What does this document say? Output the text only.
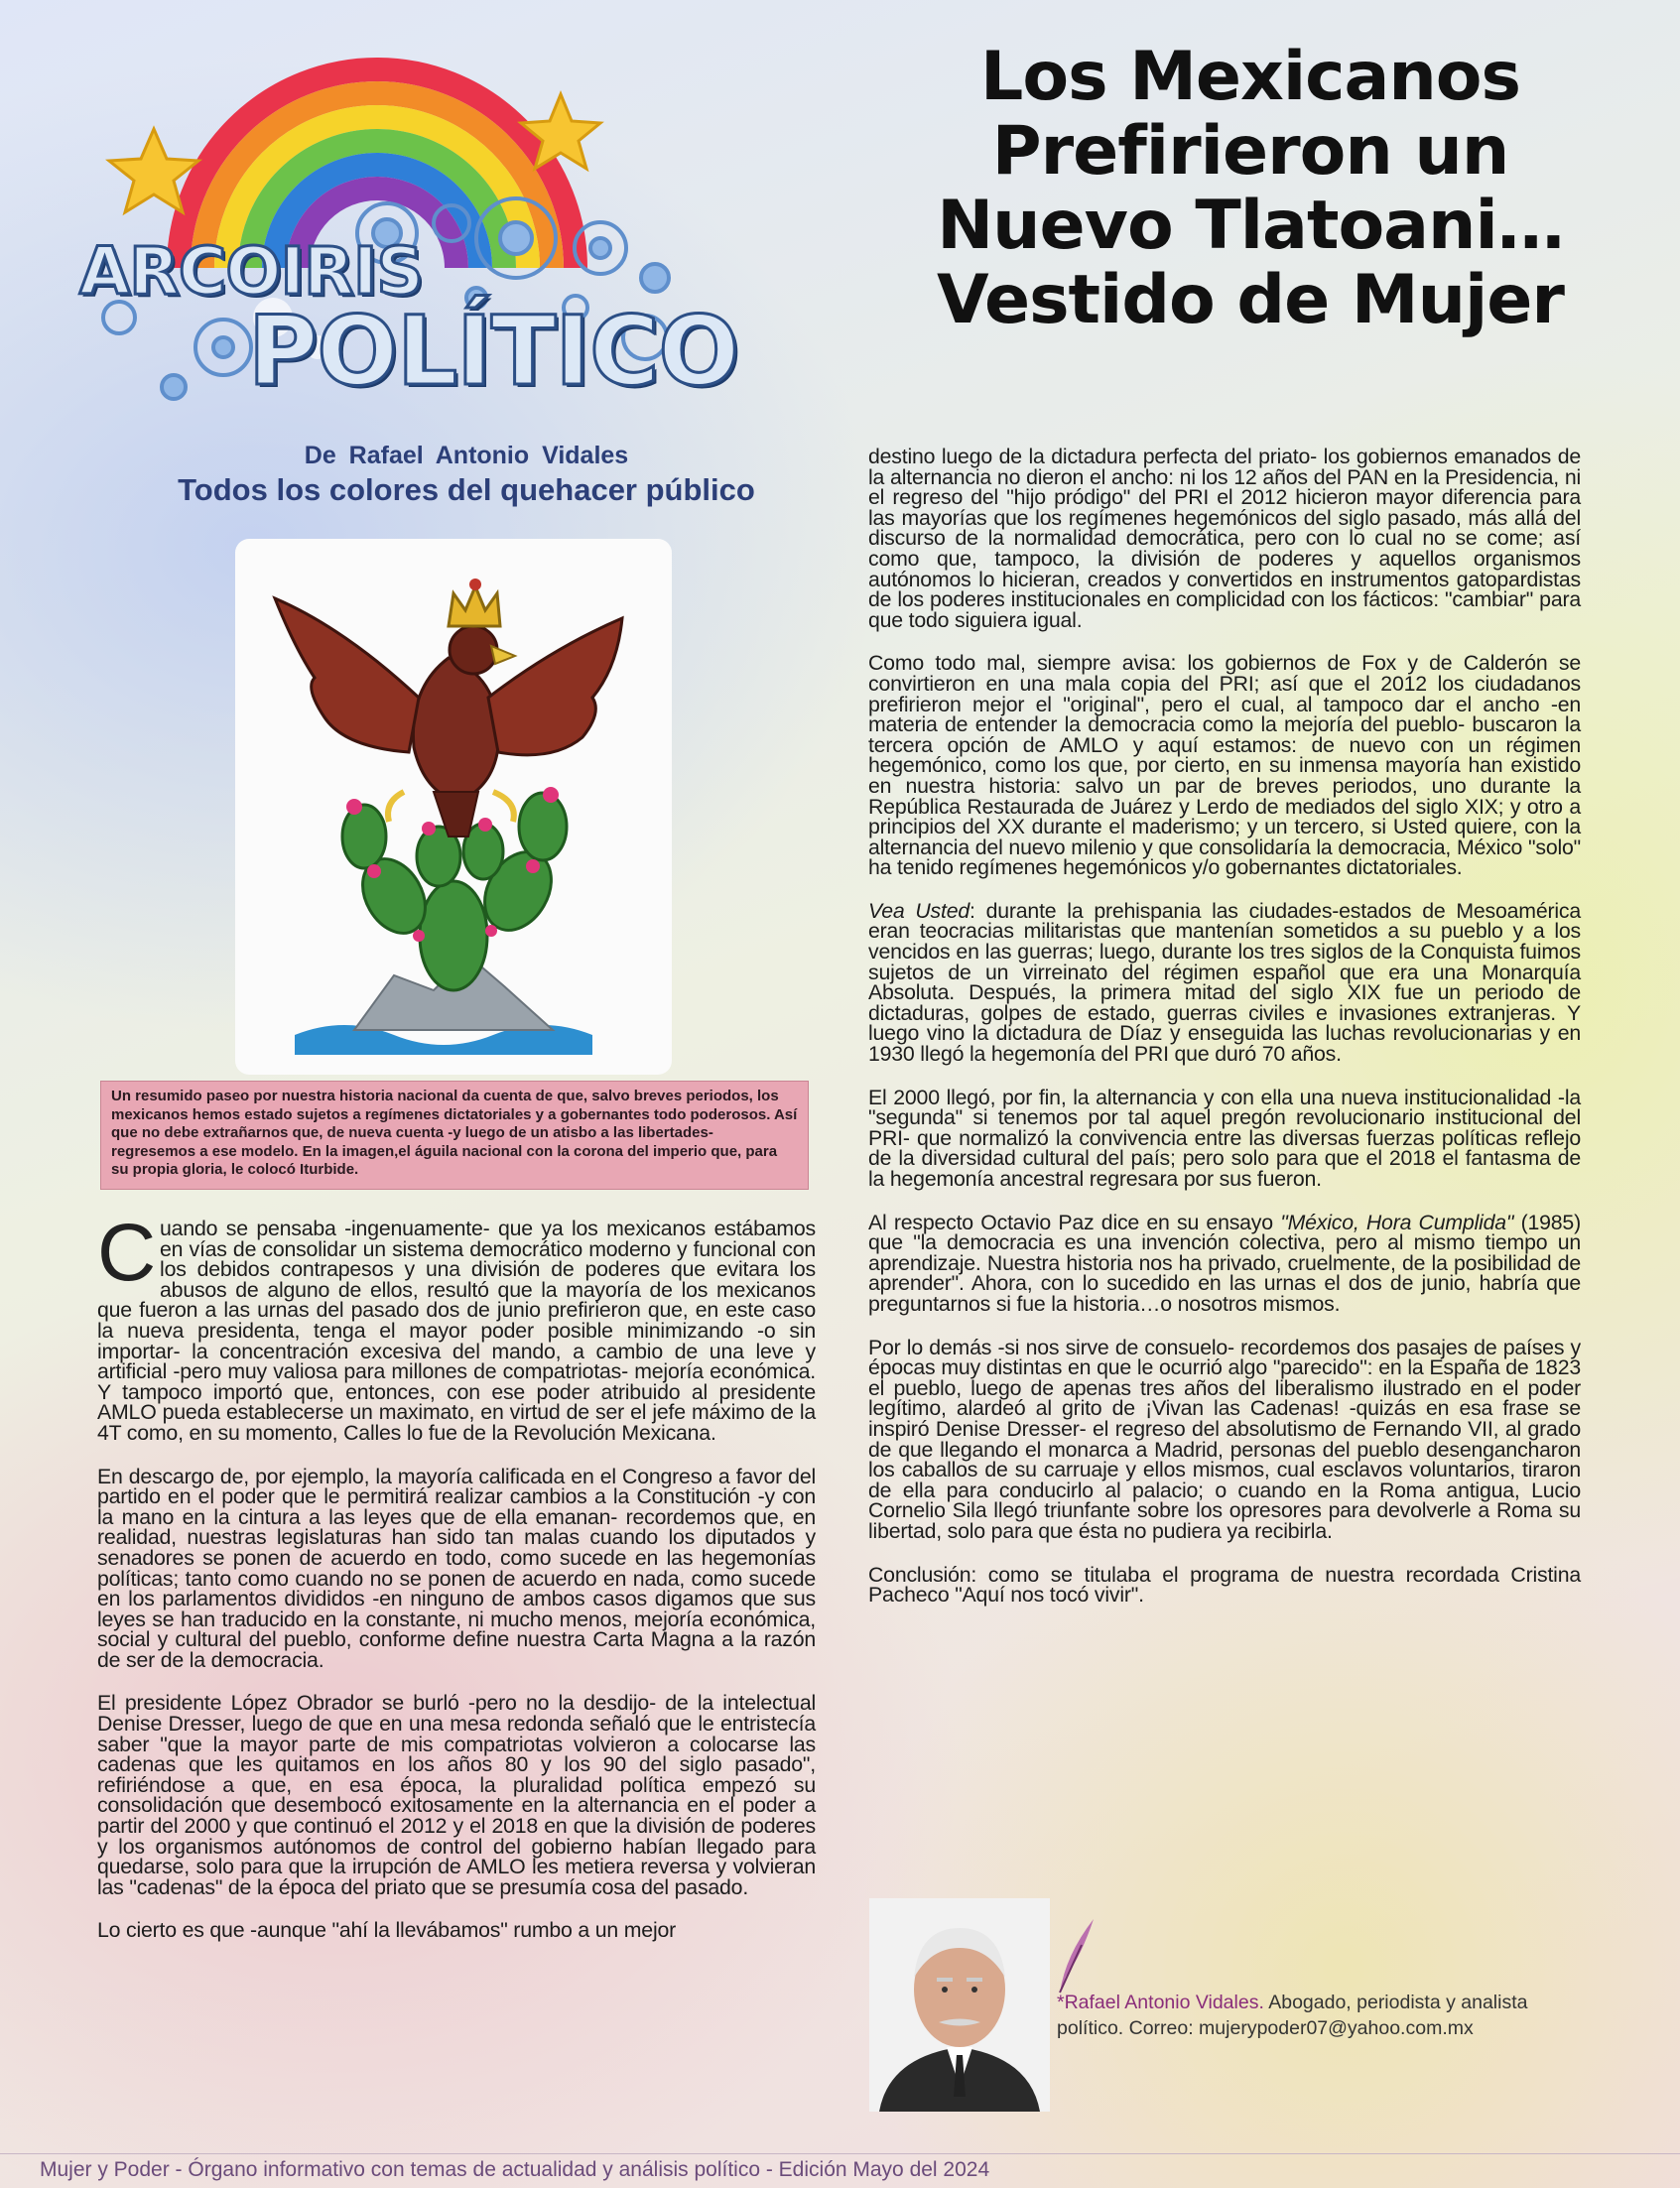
ARCOIRIS
POLÍTICO
Los Mexicanos
Prefirieron un
Nuevo Tlatoani…
Vestido de Mujer
De Rafael Antonio Vidales
Todos los colores del quehacer público

Un resumido paseo por nuestra historia nacional da cuenta de que, salvo breves periodos, los mexicanos hemos estado sujetos a regímenes dictatoriales y a gobernantes todo poderosos. Así que no debe extrañarnos que, de nueva cuenta -y luego de un atisbo a las libertades- regresemos a ese modelo. En la imagen,el águila nacional con la corona del imperio que, para su propia gloria, le colocó Iturbide.

Cuando se pensaba -ingenuamente- que ya los mexicanos estábamos en vías de consolidar un sistema democrático moderno y funcional con los debidos contrapesos y una división de poderes que evitara los abusos de alguno de ellos, resultó que la mayoría de los mexicanos que fueron a las urnas del pasado dos de junio prefirieron que, en este caso la nueva presidenta, tenga el mayor poder posible minimizando -o sin importar- la concentración excesiva del mando, a cambio de una leve y artificial -pero muy valiosa para millones de compatriotas- mejoría económica. Y tampoco importó que, entonces, con ese poder atribuido al presidente AMLO pueda establecerse un maximato, en virtud de ser el jefe máximo de la 4T como, en su momento, Calles lo fue de la Revolución Mexicana.

En descargo de, por ejemplo, la mayoría calificada en el Congreso a favor del partido en el poder que le permitirá realizar cambios a la Constitución -y con la mano en la cintura a las leyes que de ella emanan- recordemos que, en realidad, nuestras legislaturas han sido tan malas cuando los diputados y senadores se ponen de acuerdo en todo, como sucede en las hegemonías políticas; tanto como cuando no se ponen de acuerdo en nada, como sucede en los parlamentos divididos -en ninguno de ambos casos digamos que sus leyes se han traducido en la constante, ni mucho menos, mejoría económica, social y cultural del pueblo, conforme define nuestra Carta Magna a la razón de ser de la democracia.

El presidente López Obrador se burló -pero no la desdijo- de la intelectual Denise Dresser, luego de que en una mesa redonda señaló que le entristecía saber "que la mayor parte de mis compatriotas volvieron a colocarse las cadenas que les quitamos en los años 80 y los 90 del siglo pasado", refiriéndose a que, en esa época, la pluralidad política empezó su consolidación que desembocó exitosamente en la alternancia en el poder a partir del 2000 y que continuó el 2012 y el 2018 en que la división de poderes y los organismos autónomos de control del gobierno habían llegado para quedarse, solo para que la irrupción de AMLO les metiera reversa y volvieran las "cadenas" de la época del priato que se presumía cosa del pasado.

Lo cierto es que -aunque "ahí la llevábamos" rumbo a un mejor

destino luego de la dictadura perfecta del priato- los gobiernos emanados de la alternancia no dieron el ancho: ni los 12 años del PAN en la Presidencia, ni el regreso del "hijo pródigo" del PRI el 2012 hicieron mayor diferencia para las mayorías que los regímenes hegemónicos del siglo pasado, más allá del discurso de la normalidad democrática, pero con lo cual no se come; así como que, tampoco, la división de poderes y aquellos organismos autónomos lo hicieran, creados y convertidos en instrumentos gatopardistas de los poderes institucionales en complicidad con los fácticos: "cambiar" para que todo siguiera igual.

Como todo mal, siempre avisa: los gobiernos de Fox y de Calderón se convirtieron en una mala copia del PRI; así que el 2012 los ciudadanos prefirieron mejor el "original", pero el cual, al tampoco dar el ancho -en materia de entender la democracia como la mejoría del pueblo- buscaron la tercera opción de AMLO y aquí estamos: de nuevo con un régimen hegemónico, como los que, por cierto, en su inmensa mayoría han existido en nuestra historia: salvo un par de breves periodos, uno durante la República Restaurada de Juárez y Lerdo de mediados del siglo XIX; y otro a principios del XX durante el maderismo; y un tercero, si Usted quiere, con la alternancia del nuevo milenio y que consolidaría la democracia, México "solo" ha tenido regímenes hegemónicos y/o gobernantes dictatoriales.

Vea Usted: durante la prehispania las ciudades-estados de Mesoamérica eran teocracias militaristas que mantenían sometidos a su pueblo y a los vencidos en las guerras; luego, durante los tres siglos de la Conquista fuimos sujetos de un virreinato del régimen español que era una Monarquía Absoluta. Después, la primera mitad del siglo XIX fue un periodo de dictaduras, golpes de estado, guerras civiles e invasiones extranjeras. Y luego vino la dictadura de Díaz y enseguida las luchas revolucionarias y en 1930 llegó la hegemonía del PRI que duró 70 años.

El 2000 llegó, por fin, la alternancia y con ella una nueva institucionalidad -la "segunda" si tenemos por tal aquel pregón revolucionario institucional del PRI- que normalizó la convivencia entre las diversas fuerzas políticas reflejo de la diversidad cultural del país; pero solo para que el 2018 el fantasma de la hegemonía ancestral regresara por sus fueron.

Al respecto Octavio Paz dice en su ensayo "México, Hora Cumplida" (1985) que "la democracia es una invención colectiva, pero al mismo tiempo un aprendizaje. Nuestra historia nos ha privado, cruelmente, de la posibilidad de aprender". Ahora, con lo sucedido en las urnas el dos de junio, habría que preguntarnos si fue la historia…o nosotros mismos.

Por lo demás -si nos sirve de consuelo- recordemos dos pasajes de países y épocas muy distintas en que le ocurrió algo "parecido": en la España de 1823 el pueblo, luego de apenas tres años del liberalismo ilustrado en el poder legítimo, alardeó al grito de ¡Vivan las Cadenas! -quizás en esa frase se inspiró Denise Dresser- el regreso del absolutismo de Fernando VII, al grado de que llegando el monarca a Madrid, personas del pueblo desengancharon los caballos de su carruaje y ellos mismos, cual esclavos voluntarios, tiraron de ella para conducirlo al palacio; o cuando en la Roma antigua, Lucio Cornelio Sila llegó triunfante sobre los opresores para devolverle a Roma su libertad, solo para que ésta no pudiera ya recibirla.

Conclusión: como se titulaba el programa de nuestra recordada Cristina Pacheco "Aquí nos tocó vivir".

*Rafael Antonio Vidales. Abogado, periodista y analista político. Correo: mujerypoder07@yahoo.com.mx
Mujer y Poder - Órgano informativo con temas de actualidad y análisis político - Edición Mayo del 2024
